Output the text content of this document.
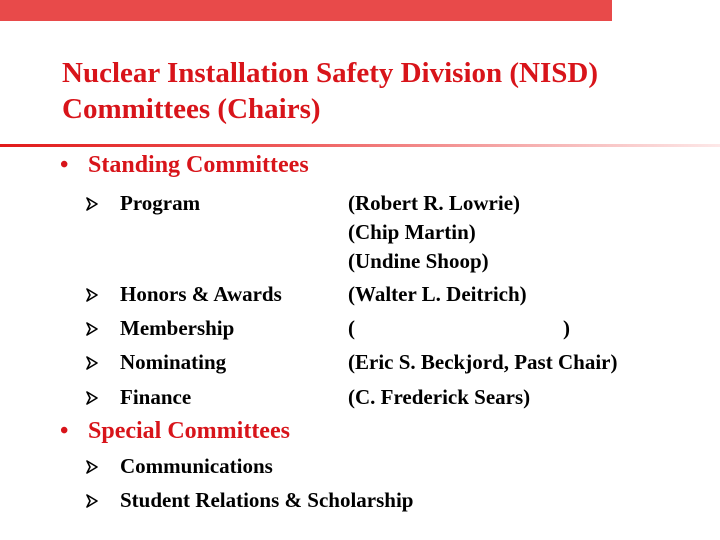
Nuclear Installation Safety Division (NISD)
Committees (Chairs)
• Standing Committees
Program	(Robert R. Lowrie)
(Chip Martin)
(Undine Shoop)
Honors & Awards	(Walter L. Deitrich)
Membership	(	)
Nominating	(Eric S. Beckjord, Past Chair)
Finance	(C. Frederick Sears)
• Special Committees
Communications
Student Relations & Scholarship
